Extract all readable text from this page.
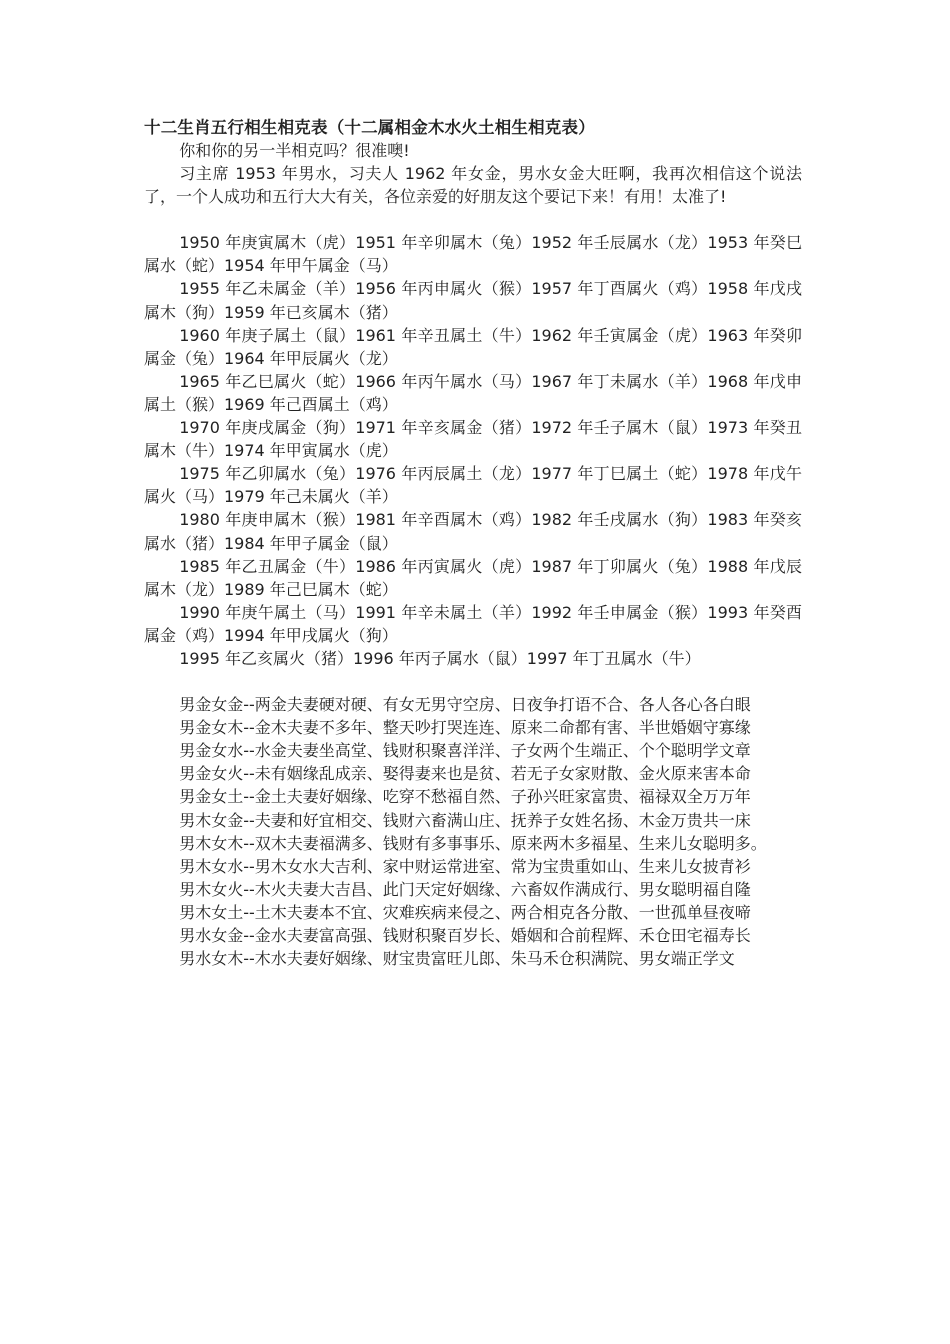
十二生肖五行相生相克表（十二属相金木水火土相生相克表）

你和你的另一半相克吗？很准噢!

习主席 1953 年男水，习夫人 1962 年女金，男水女金大旺啊，我再次相信这个说法了，一个人成功和五行大大有关，各位亲爱的好朋友这个要记下来！有用！太准了!

1950 年庚寅属木（虎）1951 年辛卯属木（兔）1952 年壬辰属水（龙）1953 年癸巳属水（蛇）1954 年甲午属金（马）

1955 年乙未属金（羊）1956 年丙申属火（猴）1957 年丁酉属火（鸡）1958 年戊戌属木（狗）1959 年已亥属木（猪）

1960 年庚子属土（鼠）1961 年辛丑属土（牛）1962 年壬寅属金（虎）1963 年癸卯属金（兔）1964 年甲辰属火（龙）

1965 年乙巳属火（蛇）1966 年丙午属水（马）1967 年丁未属水（羊）1968 年戊申属土（猴）1969 年己酉属土（鸡）

1970 年庚戌属金（狗）1971 年辛亥属金（猪）1972 年壬子属木（鼠）1973 年癸丑属木（牛）1974 年甲寅属水（虎）

1975 年乙卯属水（兔）1976 年丙辰属土（龙）1977 年丁巳属土（蛇）1978 年戊午属火（马）1979 年己未属火（羊）

1980 年庚申属木（猴）1981 年辛酉属木（鸡）1982 年壬戌属水（狗）1983 年癸亥属水（猪）1984 年甲子属金（鼠）

1985 年乙丑属金（牛）1986 年丙寅属火（虎）1987 年丁卯属火（兔）1988 年戊辰属木（龙）1989 年己巳属木（蛇）

1990 年庚午属土（马）1991 年辛未属土（羊）1992 年壬申属金（猴）1993 年癸酉属金（鸡）1994 年甲戌属火（狗）

1995 年乙亥属火（猪）1996 年丙子属水（鼠）1997 年丁丑属水（牛）

男金女金--两金夫妻硬对硬、有女无男守空房、日夜争打语不合、各人各心各白眼

男金女木--金木夫妻不多年、整天吵打哭连连、原来二命都有害、半世婚姻守寡缘

男金女水--水金夫妻坐高堂、钱财积聚喜洋洋、子女两个生端正、个个聪明学文章

男金女火--未有姻缘乱成亲、娶得妻来也是贫、若无子女家财散、金火原来害本命

男金女土--金土夫妻好姻缘、吃穿不愁福自然、子孙兴旺家富贵、福禄双全万万年

男木女金--夫妻和好宜相交、钱财六畜满山庄、抚养子女姓名扬、木金万贵共一床

男木女木--双木夫妻福满多、钱财有多事事乐、原来两木多福星、生来儿女聪明多。

男木女水--男木女水大吉利、家中财运常进室、常为宝贵重如山、生来儿女披青衫

男木女火--木火夫妻大吉昌、此门天定好姻缘、六畜奴作满成行、男女聪明福自隆

男木女土--土木夫妻本不宜、灾难疾病来侵之、两合相克各分散、一世孤单昼夜啼

男水女金--金水夫妻富高强、钱财积聚百岁长、婚姻和合前程辉、禾仓田宅福寿长

男水女木--木水夫妻好姻缘、财宝贵富旺儿郎、朱马禾仓积满院、男女端正学文
